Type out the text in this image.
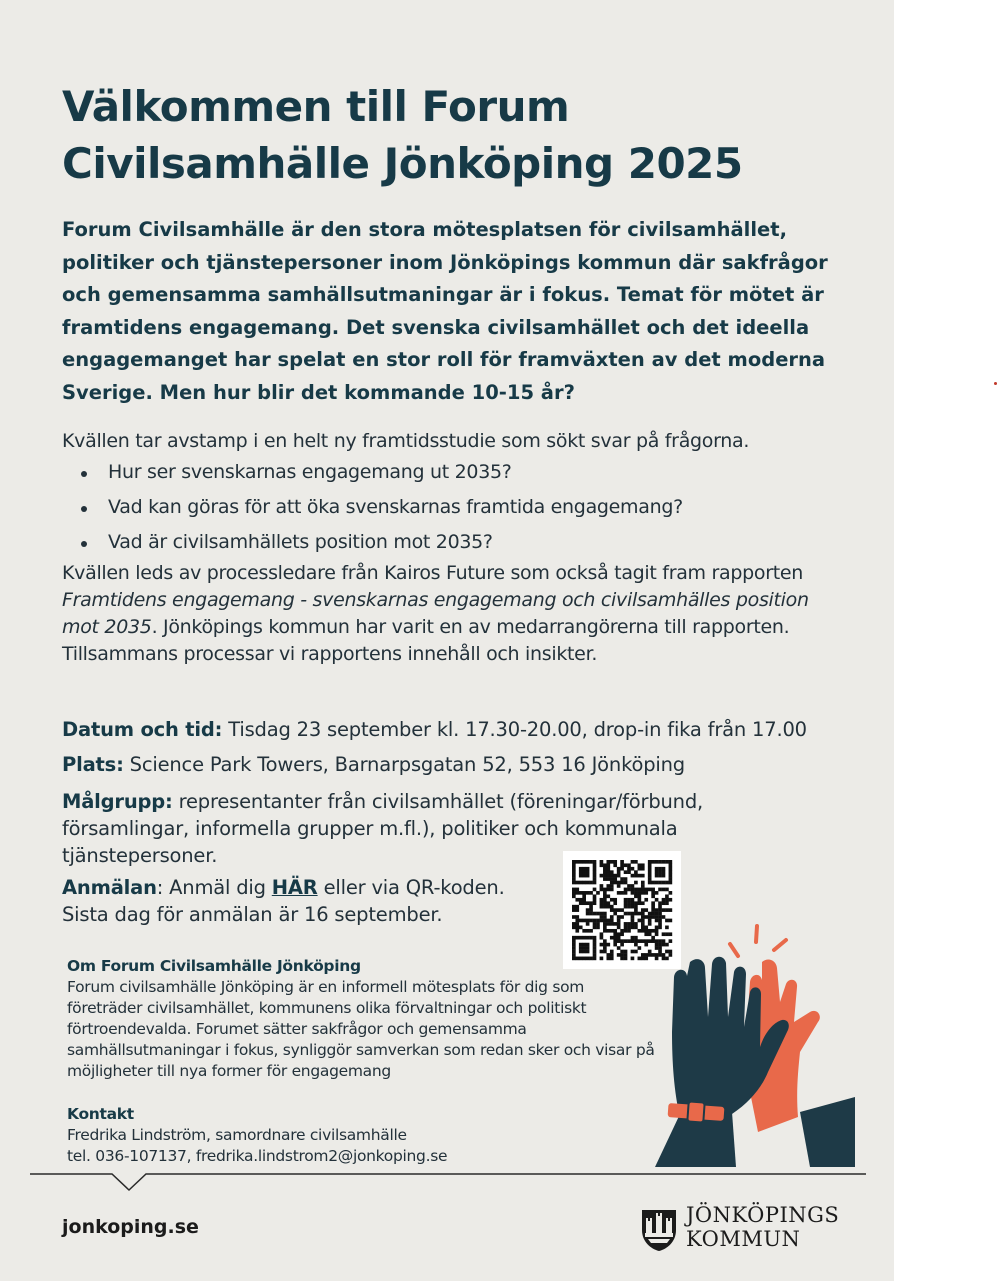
Välkommen till Forum
Civilsamhälle Jönköping 2025

Forum Civilsamhälle är den stora mötesplatsen för civilsamhället, politiker och tjänstepersoner inom Jönköpings kommun där sakfrågor och gemensamma samhällsutmaningar är i fokus. Temat för mötet är framtidens engagemang. Det svenska civilsamhället och det ideella engagemanget har spelat en stor roll för framväxten av det moderna Sverige. Men hur blir det kommande 10-15 år?

Kvällen tar avstamp i en helt ny framtidsstudie som sökt svar på frågorna.

Hur ser svenskarnas engagemang ut 2035?
Vad kan göras för att öka svenskarnas framtida engagemang?
Vad är civilsamhällets position mot 2035?

Kvällen leds av processledare från Kairos Future som också tagit fram rapporten Framtidens engagemang - svenskarnas engagemang och civilsamhälles position mot 2035. Jönköpings kommun har varit en av medarrangörerna till rapporten. Tillsammans processar vi rapportens innehåll och insikter.

Datum och tid: Tisdag 23 september kl. 17.30-20.00, drop-in fika från 17.00

Plats: Science Park Towers, Barnarpsgatan 52, 553 16 Jönköping

Målgrupp: representanter från civilsamhället (föreningar/förbund, församlingar, informella grupper m.fl.), politiker och kommunala tjänstepersoner.

Anmälan: Anmäl dig HÄR eller via QR-koden.
Sista dag för anmälan är 16 september.

Om Forum Civilsamhälle Jönköping

Forum civilsamhälle Jönköping är en informell mötesplats för dig som företräder civilsamhället, kommunens olika förvaltningar och politiskt förtroendevalda. Forumet sätter sakfrågor och gemensamma samhällsutmaningar i fokus, synliggör samverkan som redan sker och visar på möjligheter till nya former för engagemang

Kontakt

Fredrika Lindström, samordnare civilsamhälle

tel. 036-107137, fredrika.lindstrom2@jonkoping.se

jonkoping.se	JÖNKÖPINGS
KOMMUN
